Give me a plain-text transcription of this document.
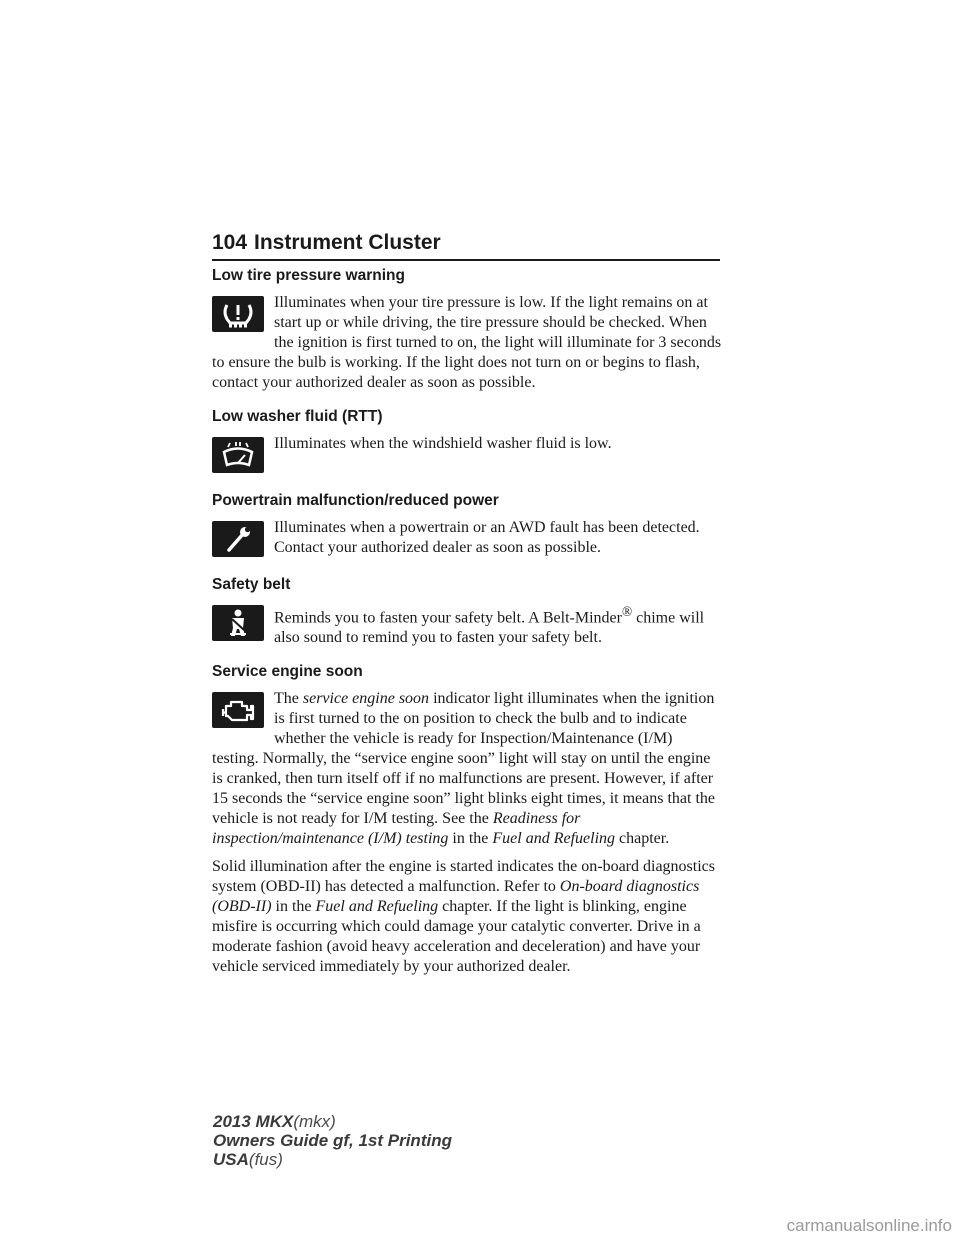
104 Instrument Cluster
Low tire pressure warning

Illuminates when your tire pressure is low. If the light remains on at start up or while driving, the tire pressure should be checked. When the ignition is first turned to on, the light will illuminate for 3 seconds to ensure the bulb is working. If the light does not turn on or begins to flash, contact your authorized dealer as soon as possible.

Low washer fluid (RTT)

Illuminates when the windshield washer fluid is low.

Powertrain malfunction/reduced power

Illuminates when a powertrain or an AWD fault has been detected. Contact your authorized dealer as soon as possible.

Safety belt

Reminds you to fasten your safety belt. A Belt-Minder® chime will also sound to remind you to fasten your safety belt.

Service engine soon

The service engine soon indicator light illuminates when the ignition is first turned to the on position to check the bulb and to indicate whether the vehicle is ready for Inspection/Maintenance (I/M) testing. Normally, the “service engine soon” light will stay on until the engine is cranked, then turn itself off if no malfunctions are present. However, if after 15 seconds the “service engine soon” light blinks eight times, it means that the vehicle is not ready for I/M testing. See the Readiness for inspection/maintenance (I/M) testing in the Fuel and Refueling chapter.

Solid illumination after the engine is started indicates the on-board diagnostics system (OBD-II) has detected a malfunction. Refer to On-board diagnostics (OBD-II) in the Fuel and Refueling chapter. If the light is blinking, engine misfire is occurring which could damage your catalytic converter. Drive in a moderate fashion (avoid heavy acceleration and deceleration) and have your vehicle serviced immediately by your authorized dealer.

2013 MKX(mkx)
Owners Guide gf, 1st Printing
USA(fus)
carmanualsonline.info
